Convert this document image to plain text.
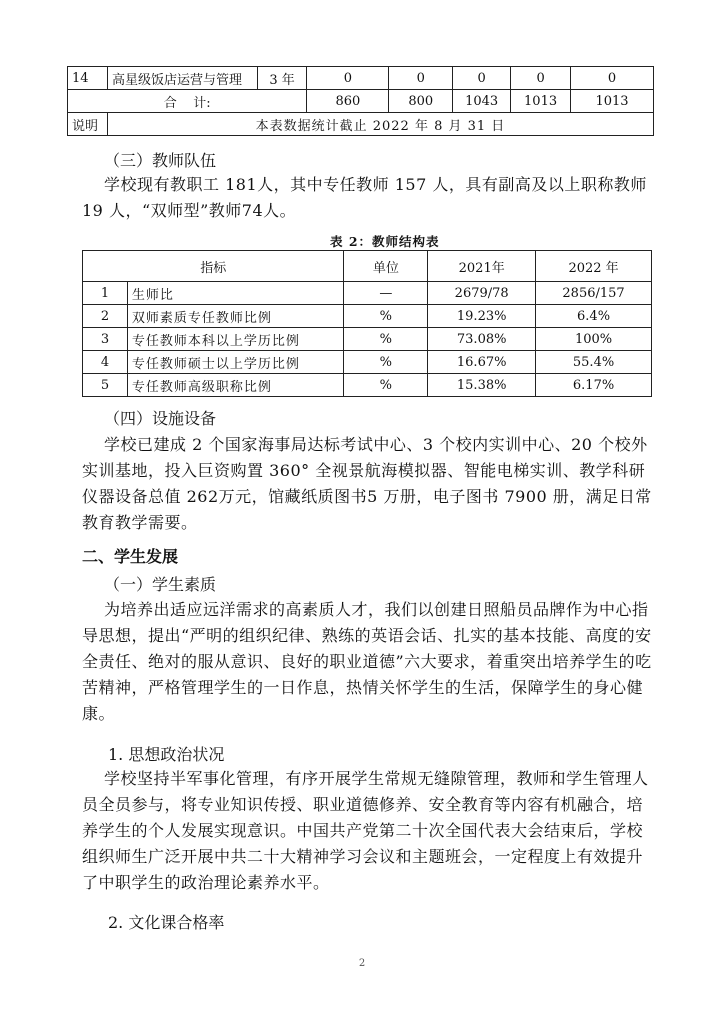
14	高星级饭店运营与管理	3 年	0	0	0	0	0
合    计:			860	800	1043	1013	1013
说明	本表数据统计截止 2022 年 8 月 31 日						
（三）教师队伍
学校现有教职工 181人，其中专任教师 157 人，具有副高及以上职称教师 19 人，“双师型”教师74人。
表 2：教师结构表
指标		单位	2021年	2022 年
1	生师比	—	2679/78	2856/157
2	双师素质专任教师比例	%	19.23%	6.4%
3	专任教师本科以上学历比例	%	73.08%	100%
4	专任教师硕士以上学历比例	%	16.67%	55.4%
5	专任教师高级职称比例	%	15.38%	6.17%
（四）设施设备
学校已建成 2 个国家海事局达标考试中心、3 个校内实训中心、20 个校外实训基地，投入巨资购置 360° 全视景航海模拟器、智能电梯实训、教学科研仪器设备总值 262万元，馆藏纸质图书5 万册，电子图书 7900 册，满足日常教育教学需要。
二、学生发展
（一）学生素质
为培养出适应远洋需求的高素质人才，我们以创建日照船员品牌作为中心指导思想，提出“严明的组织纪律、熟练的英语会话、扎实的基本技能、高度的安全责任、绝对的服从意识、良好的职业道德”六大要求，着重突出培养学生的吃苦精神，严格管理学生的一日作息，热情关怀学生的生活，保障学生的身心健康。
1. 思想政治状况
学校坚持半军事化管理，有序开展学生常规无缝隙管理，教师和学生管理人员全员参与，将专业知识传授、职业道德修养、安全教育等内容有机融合，培养学生的个人发展实现意识。中国共产党第二十次全国代表大会结束后，学校组织师生广泛开展中共二十大精神学习会议和主题班会，一定程度上有效提升了中职学生的政治理论素养水平。
2. 文化课合格率
2
